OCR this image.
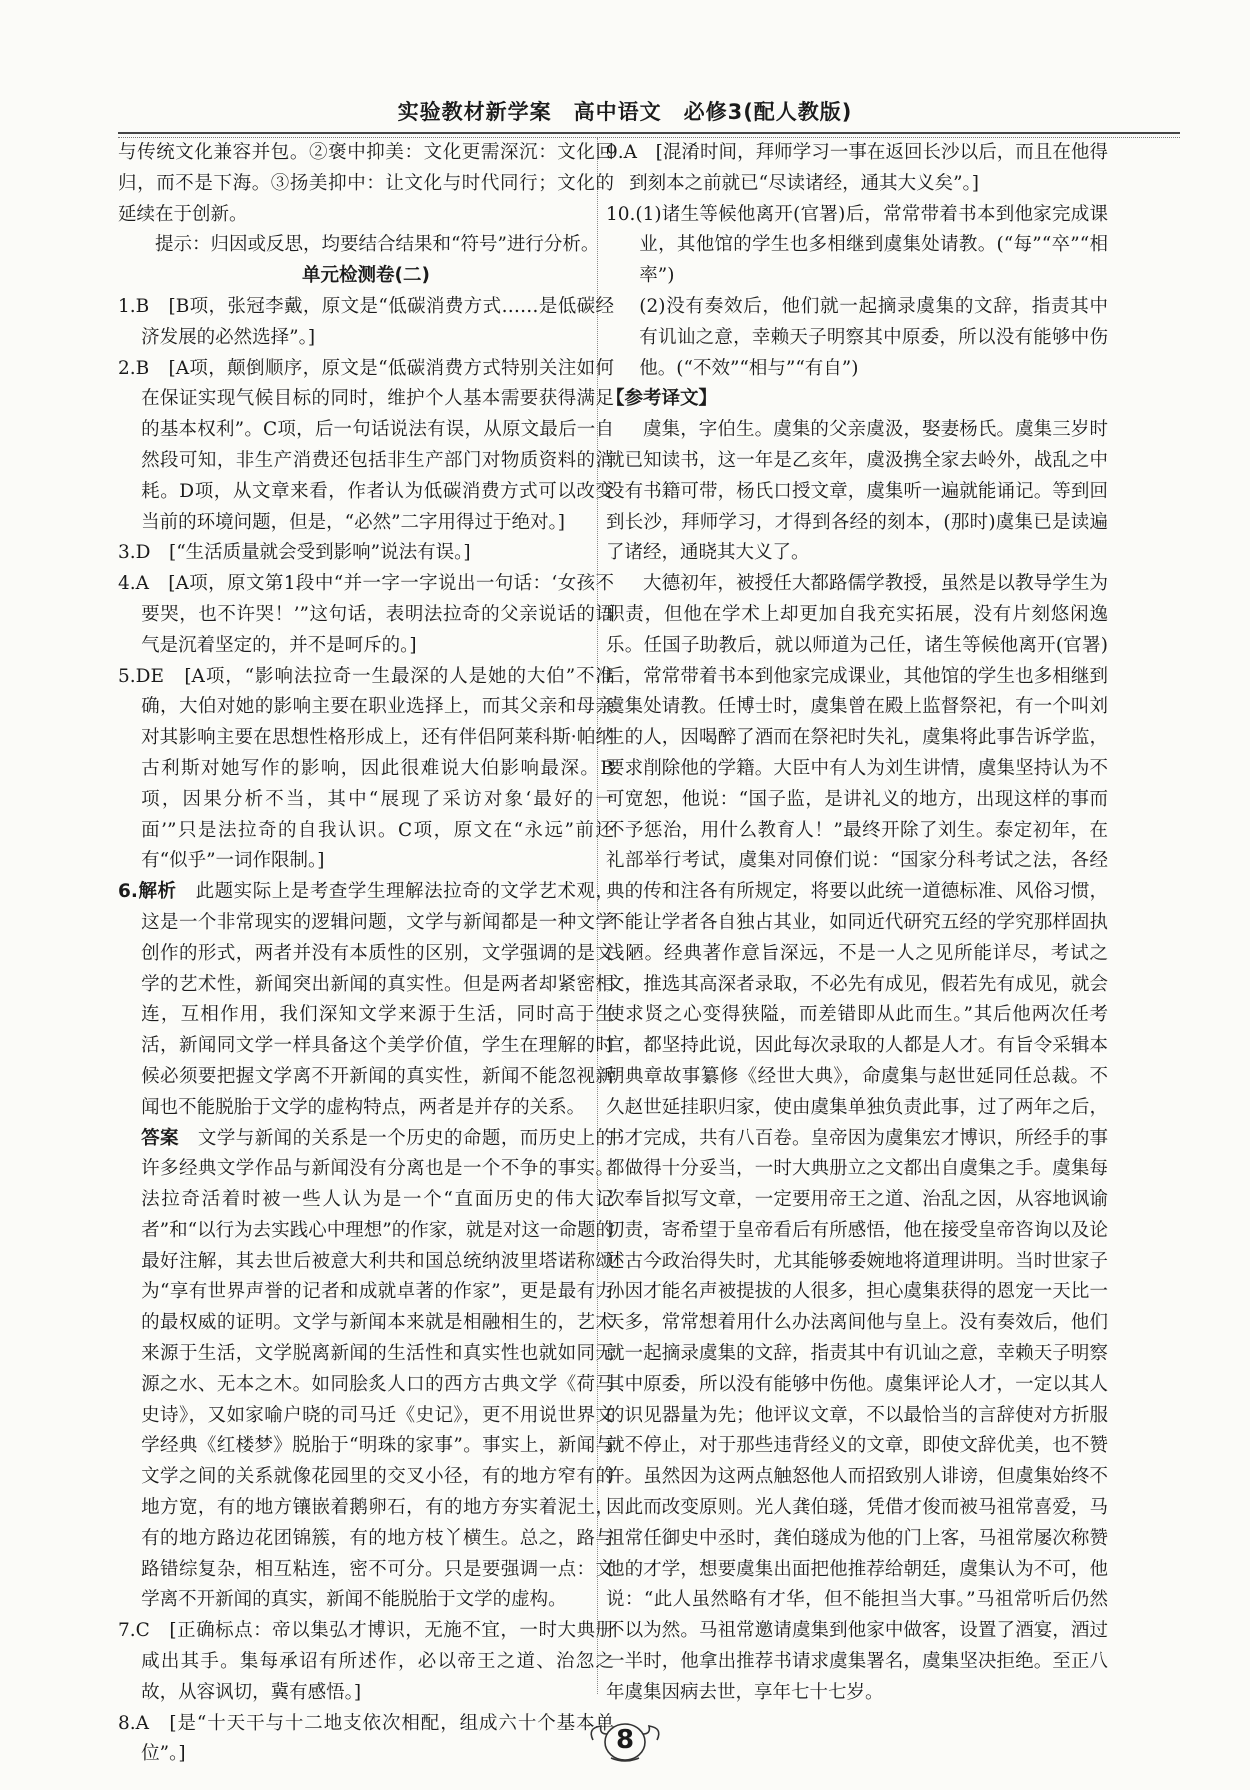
实验教材新学案　高中语文　必修3(配人教版)

与传统文化兼容并包。②褒中抑美：文化更需深沉：文化回归，而不是下海。③扬美抑中：让文化与时代同行；文化的延续在于创新。

提示：归因或反思，均要结合结果和“符号”进行分析。

单元检测卷(二)

1.B　[B项，张冠李戴，原文是“低碳消费方式……是低碳经济发展的必然选择”。]

2.B　[A项，颠倒顺序，原文是“低碳消费方式特别关注如何在保证实现气候目标的同时，维护个人基本需要获得满足的基本权利”。C项，后一句话说法有误，从原文最后一自然段可知，非生产消费还包括非生产部门对物质资料的消耗。D项，从文章来看，作者认为低碳消费方式可以改变当前的环境问题，但是，“必然”二字用得过于绝对。]

3.D　[“生活质量就会受到影响”说法有误。]

4.A　[A项，原文第1段中“并一字一字说出一句话：‘女孩不要哭，也不许哭！’”这句话，表明法拉奇的父亲说话的语气是沉着坚定的，并不是呵斥的。]

5.DE　[A项，“影响法拉奇一生最深的人是她的大伯”不准确，大伯对她的影响主要在职业选择上，而其父亲和母亲对其影响主要在思想性格形成上，还有伴侣阿莱科斯·帕纳古利斯对她写作的影响，因此很难说大伯影响最深。B项，因果分析不当，其中“展现了采访对象‘最好的一面’”只是法拉奇的自我认识。C项，原文在“永远”前还有“似乎”一词作限制。]

6.解析　此题实际上是考查学生理解法拉奇的文学艺术观，这是一个非常现实的逻辑问题，文学与新闻都是一种文学创作的形式，两者并没有本质性的区别，文学强调的是文学的艺术性，新闻突出新闻的真实性。但是两者却紧密相连，互相作用，我们深知文学来源于生活，同时高于生活，新闻同文学一样具备这个美学价值，学生在理解的时候必须要把握文学离不开新闻的真实性，新闻不能忽视新闻也不能脱胎于文学的虚构特点，两者是并存的关系。

答案　文学与新闻的关系是一个历史的命题，而历史上的许多经典文学作品与新闻没有分离也是一个不争的事实。法拉奇活着时被一些人认为是一个“直面历史的伟大记者”和“以行为去实践心中理想”的作家，就是对这一命题的最好注解，其去世后被意大利共和国总统纳波里塔诺称颂为“享有世界声誉的记者和成就卓著的作家”，更是最有力的最权威的证明。文学与新闻本来就是相融相生的，艺术来源于生活，文学脱离新闻的生活性和真实性也就如同无源之水、无本之木。如同脍炙人口的西方古典文学《荷马史诗》，又如家喻户晓的司马迁《史记》，更不用说世界文学经典《红楼梦》脱胎于“明珠的家事”。事实上，新闻与文学之间的关系就像花园里的交叉小径，有的地方窄有的地方宽，有的地方镶嵌着鹅卵石，有的地方夯实着泥土，有的地方路边花团锦簇，有的地方枝丫横生。总之，路与路错综复杂，相互粘连，密不可分。只是要强调一点：文学离不开新闻的真实，新闻不能脱胎于文学的虚构。

7.C　[正确标点：帝以集弘才博识，无施不宜，一时大典册咸出其手。集每承诏有所述作，必以帝王之道、治忽之故，从容讽切，冀有感悟。]

8.A　[是“十天干与十二地支依次相配，组成六十个基本单位”。]

9.A　[混淆时间，拜师学习一事在返回长沙以后，而且在他得到刻本之前就已“尽读诸经，通其大义矣”。]

10.(1)诸生等候他离开(官署)后，常常带着书本到他家完成课业，其他馆的学生也多相继到虞集处请教。(“每”“卒”“相率”)

(2)没有奏效后，他们就一起摘录虞集的文辞，指责其中有讥讪之意，幸赖天子明察其中原委，所以没有能够中伤他。(“不效”“相与”“有自”)

【参考译文】

虞集，字伯生。虞集的父亲虞汲，娶妻杨氏。虞集三岁时就已知读书，这一年是乙亥年，虞汲携全家去岭外，战乱之中没有书籍可带，杨氏口授文章，虞集听一遍就能诵记。等到回到长沙，拜师学习，才得到各经的刻本，(那时)虞集已是读遍了诸经，通晓其大义了。

大德初年，被授任大都路儒学教授，虽然是以教导学生为职责，但他在学术上却更加自我充实拓展，没有片刻悠闲逸乐。任国子助教后，就以师道为己任，诸生等候他离开(官署)后，常常带着书本到他家完成课业，其他馆的学生也多相继到虞集处请教。任博士时，虞集曾在殿上监督祭祀，有一个叫刘生的人，因喝醉了酒而在祭祀时失礼，虞集将此事告诉学监，要求削除他的学籍。大臣中有人为刘生讲情，虞集坚持认为不可宽恕，他说：“国子监，是讲礼义的地方，出现这样的事而不予惩治，用什么教育人！”最终开除了刘生。泰定初年，在礼部举行考试，虞集对同僚们说：“国家分科考试之法，各经典的传和注各有所规定，将要以此统一道德标准、风俗习惯，不能让学者各自独占其业，如同近代研究五经的学究那样固执浅陋。经典著作意旨深远，不是一人之见所能详尽，考试之文，推选其高深者录取，不必先有成见，假若先有成见，就会使求贤之心变得狭隘，而差错即从此而生。”其后他两次任考官，都坚持此说，因此每次录取的人都是人才。有旨令采辑本朝典章故事纂修《经世大典》，命虞集与赵世延同任总裁。不久赵世延挂职归家，使由虞集单独负责此事，过了两年之后，书才完成，共有八百卷。皇帝因为虞集宏才博识，所经手的事都做得十分妥当，一时大典册立之文都出自虞集之手。虞集每次奉旨拟写文章，一定要用帝王之道、治乱之因，从容地讽谕切责，寄希望于皇帝看后有所感悟，他在接受皇帝咨询以及论述古今政治得失时，尤其能够委婉地将道理讲明。当时世家子孙因才能名声被提拔的人很多，担心虞集获得的恩宠一天比一天多，常常想着用什么办法离间他与皇上。没有奏效后，他们就一起摘录虞集的文辞，指责其中有讥讪之意，幸赖天子明察其中原委，所以没有能够中伤他。虞集评论人才，一定以其人的识见器量为先；他评议文章，不以最恰当的言辞使对方折服就不停止，对于那些违背经义的文章，即使文辞优美，也不赞许。虽然因为这两点触怒他人而招致别人诽谤，但虞集始终不因此而改变原则。光人龚伯璲，凭借才俊而被马祖常喜爱，马祖常任御史中丞时，龚伯璲成为他的门上客，马祖常屡次称赞他的才学，想要虞集出面把他推荐给朝廷，虞集认为不可，他说：“此人虽然略有才华，但不能担当大事。”马祖常听后仍然不以为然。马祖常邀请虞集到他家中做客，设置了酒宴，酒过一半时，他拿出推荐书请求虞集署名，虞集坚决拒绝。至正八年虞集因病去世，享年七十七岁。

8
